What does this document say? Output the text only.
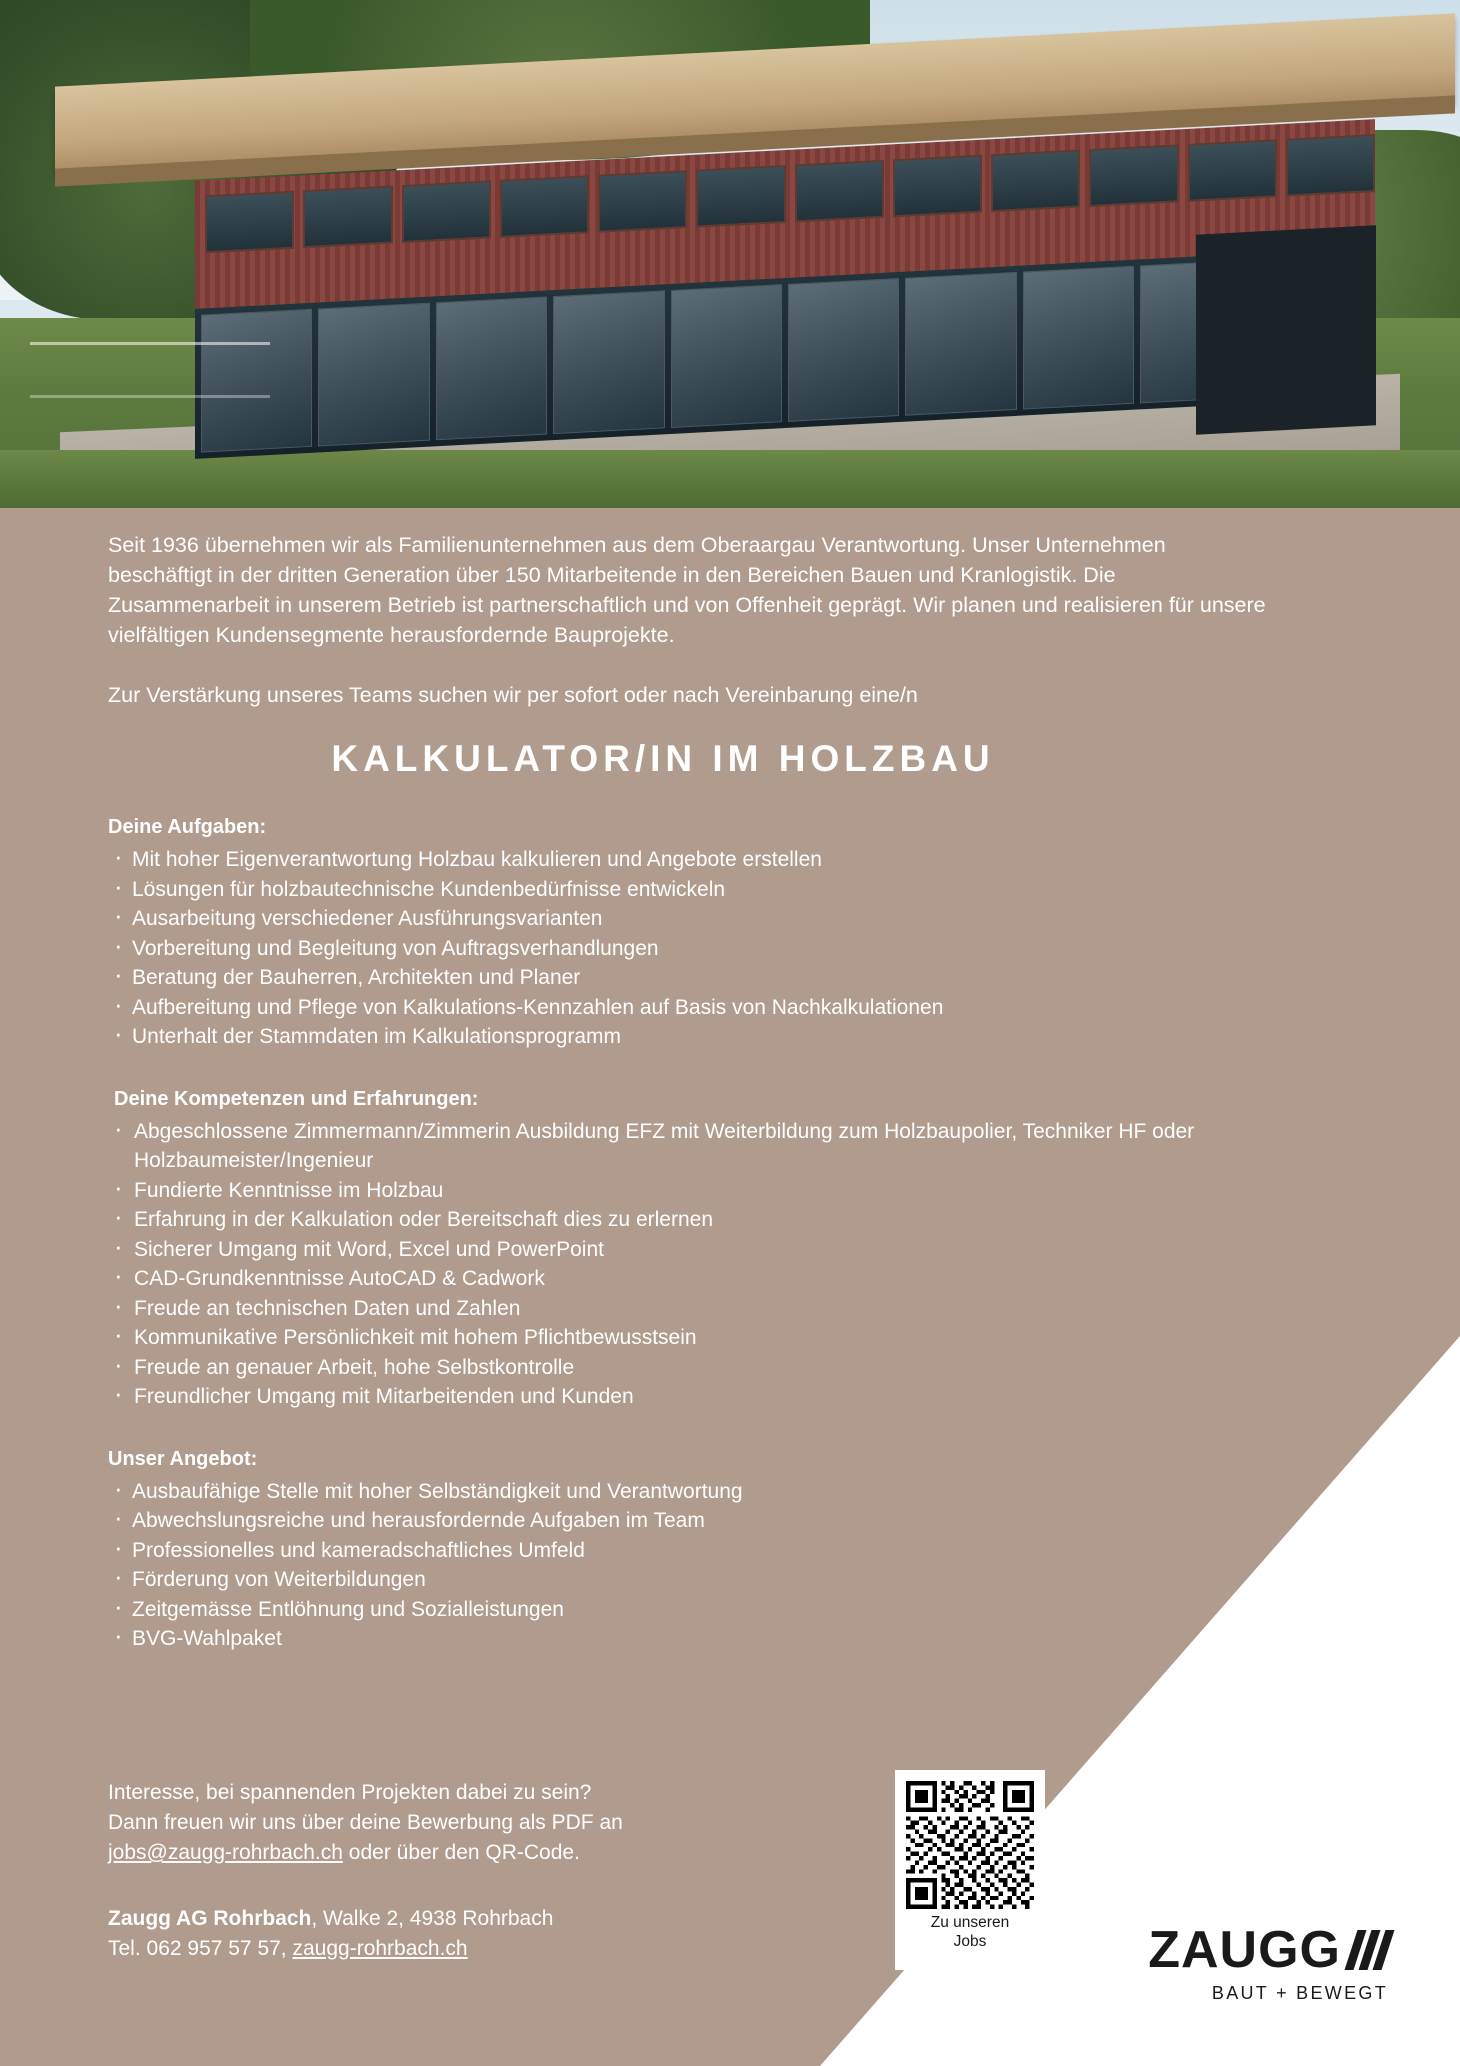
Seit 1936 übernehmen wir als Familienunternehmen aus dem Oberaargau Verantwortung. Unser Unternehmen beschäftigt in der dritten Generation über 150 Mitarbeitende in den Bereichen Bauen und Kranlogistik. Die Zusammenarbeit in unserem Betrieb ist partnerschaftlich und von Offenheit geprägt. Wir planen und realisieren für unsere vielfältigen Kundensegmente herausfordernde Bauprojekte.
Zur Verstärkung unseres Teams suchen wir per sofort oder nach Vereinbarung eine/n
KALKULATOR/IN IM HOLZBAU
Deine Aufgaben:
· Mit hoher Eigenverantwortung Holzbau kalkulieren und Angebote erstellen
· Lösungen für holzbautechnische Kundenbedürfnisse entwickeln
· Ausarbeitung verschiedener Ausführungsvarianten
· Vorbereitung und Begleitung von Auftragsverhandlungen
· Beratung der Bauherren, Architekten und Planer
· Aufbereitung und Pflege von Kalkulations-Kennzahlen auf Basis von Nachkalkulationen
· Unterhalt der Stammdaten im Kalkulationsprogramm
Deine Kompetenzen und Erfahrungen:
· Abgeschlossene Zimmermann/Zimmerin Ausbildung EFZ mit Weiterbildung zum Holzbaupolier, Techniker HF oder Holzbaumeister/Ingenieur
· Fundierte Kenntnisse im Holzbau
· Erfahrung in der Kalkulation oder Bereitschaft dies zu erlernen
· Sicherer Umgang mit Word, Excel und PowerPoint
· CAD-Grundkenntnisse AutoCAD & Cadwork
· Freude an technischen Daten und Zahlen
· Kommunikative Persönlichkeit mit hohem Pflichtbewusstsein
· Freude an genauer Arbeit, hohe Selbstkontrolle
· Freundlicher Umgang mit Mitarbeitenden und Kunden
Unser Angebot:
· Ausbaufähige Stelle mit hoher Selbständigkeit und Verantwortung
· Abwechslungsreiche und herausfordernde Aufgaben im Team
· Professionelles und kameradschaftliches Umfeld
· Förderung von Weiterbildungen
· Zeitgemässe Entlöhnung und Sozialleistungen
· BVG-Wahlpaket
Interesse, bei spannenden Projekten dabei zu sein?
Dann freuen wir uns über deine Bewerbung als PDF an
jobs@zaugg-rohrbach.ch oder über den QR-Code.
Zaugg AG Rohrbach, Walke 2, 4938 Rohrbach
Tel. 062 957 57 57, zaugg-rohrbach.ch
Zu unseren
Jobs	ZAUGG
BAUT + BEWEGT
